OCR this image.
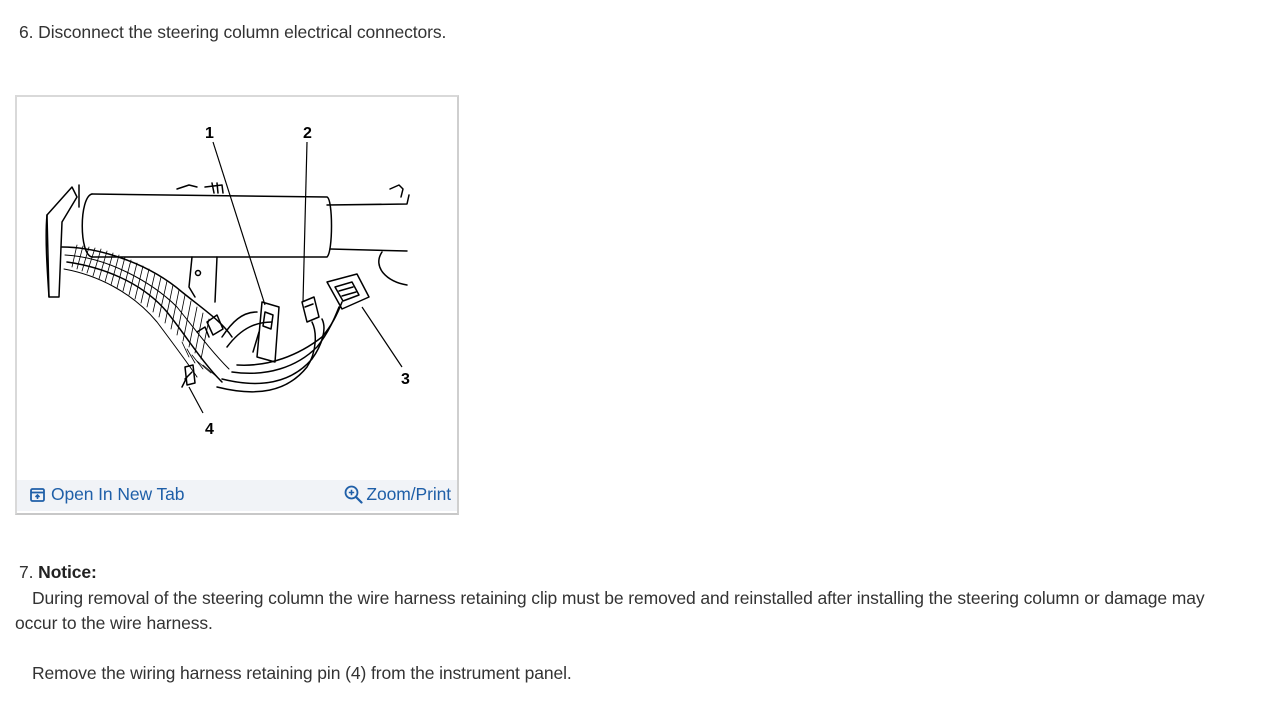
6. Disconnect the steering column electrical connectors.
1	2
3
4
Open In New Tab	Zoom/Print
7. Notice:
During removal of the steering column the wire harness retaining clip must be removed and reinstalled after installing the steering column or damage may occur to the wire harness.
Remove the wiring harness retaining pin (4) from the instrument panel.
